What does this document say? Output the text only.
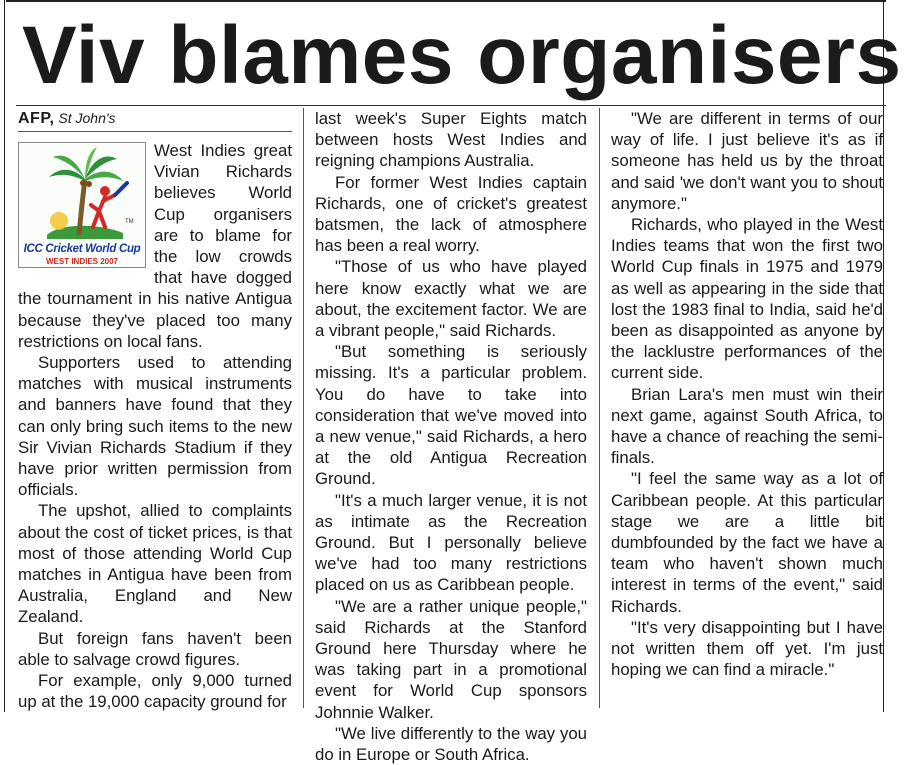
Viv blames organisers
AFP, St John's
TM
ICC Cricket World Cup
WEST INDIES 2007

West Indies great Vivian Richards believes World Cup organisers are to blame for the low crowds that have dogged the tournament in his native Antigua because they've placed too many restrictions on local fans.

Supporters used to attending matches with musical instruments and banners have found that they can only bring such items to the new Sir Vivian Richards Stadium if they have prior written permission from officials.

The upshot, allied to complaints about the cost of ticket prices, is that most of those attending World Cup matches in Antigua have been from Australia, England and New Zealand.

But foreign fans haven't been able to salvage crowd figures.

For example, only 9,000 turned up at the 19,000 capacity ground for

last week's Super Eights match between hosts West Indies and reigning champions Australia.

For former West Indies captain Richards, one of cricket's greatest batsmen, the lack of atmosphere has been a real worry.

"Those of us who have played here know exactly what we are about, the excitement factor. We are a vibrant people," said Richards.

"But something is seriously missing. It's a particular problem. You do have to take into consideration that we've moved into a new venue," said Richards, a hero at the old Antigua Recreation Ground.

"It's a much larger venue, it is not as intimate as the Recreation Ground. But I personally believe we've had too many restrictions placed on us as Caribbean people.

"We are a rather unique people," said Richards at the Stanford Ground here Thursday where he was taking part in a promotional event for World Cup sponsors Johnnie Walker.

"We live differently to the way you do in Europe or South Africa.

"We are different in terms of our way of life. I just believe it's as if someone has held us by the throat and said 'we don't want you to shout anymore."

Richards, who played in the West Indies teams that won the first two World Cup finals in 1975 and 1979 as well as appearing in the side that lost the 1983 final to India, said he'd been as disappointed as anyone by the lacklustre performances of the current side.

Brian Lara's men must win their next game, against South Africa, to have a chance of reaching the semi-finals.

"I feel the same way as a lot of Caribbean people. At this particular stage we are a little bit dumbfounded by the fact we have a team who haven't shown much interest in terms of the event," said Richards.

"It's very disappointing but I have not written them off yet. I'm just hoping we can find a miracle."
